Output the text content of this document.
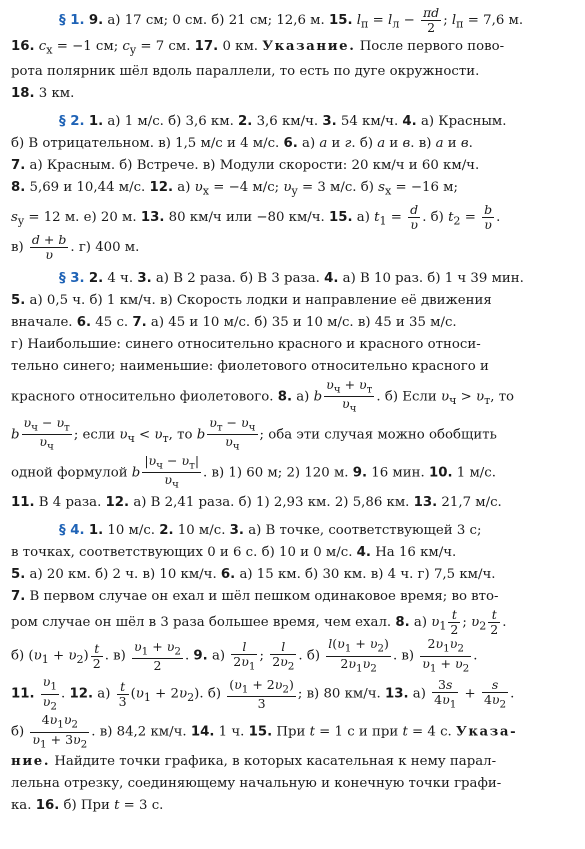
§ 1. 9. а) 17 см; 0 см. б) 21 см; 12,6 м. 15. $l_п = l_л - \frac{\pi d}{2}$ ; $l_п = 7,6$ м.
16. $c_x = -1$ см; $c_y = 7$ см. 17. 0 км. Указание. После первого пово-
рота полярник шёл вдоль параллели, то есть по дуге окружности.
18. 3 км.
§ 2. 1. а) 1 м/с. б) 3,6 км. 2. 3,6 км/ч. 3. 54 км/ч. 4. а) Красным.
б) В отрицательном. в) 1,5 м/с и 4 м/с. 6. а) а и г. б) а и в. в) а и в.
7. а) Красным. б) Встрече. в) Модули скорости: 20 км/ч и 60 км/ч.
8. 5,69 и 10,44 м/с. 12. а) $\upsilon_x = -4$ м/с; $\upsilon_y = 3$ м/с. б) $s_x = -16$ м;
$s_y = 12$ м. е) 20 м. 13. 80 км/ч или −80 км/ч. 15. а) $t_1 = \frac{d}{\upsilon}$ . б) $t_2 = \frac{b}{\upsilon}$ .
$в) \frac{d + b}{\upsilon}$ . г) 400 м.
§ 3. 2. 4 ч. 3. а) В 2 раза. б) В 3 раза. 4. а) В 10 раз. б) 1 ч 39 мин.
5. а) 0,5 ч. б) 1 км/ч. в) Скорость лодки и направление её движения
вначале. 6. 45 с. 7. а) 45 и 10 м/с. б) 35 и 10 м/с. в) 45 и 35 м/с.
г) Наибольшие: синего относительно красного и красного относи-
тельно синего; наименьшие: фиолетового относительно красного и
красного относительно фиолетового. 8. а) b $\frac{\upsilon_ч + \upsilon_т}{\upsilon_ч}$ . б) Если $\upsilon_ч > \upsilon_т$, то
b $\frac{\upsilon_ч - \upsilon_т}{\upsilon_ч}$ ; если $\upsilon_ч < \upsilon_т$, то b $\frac{\upsilon_т - \upsilon_ч}{\upsilon_ч}$ ; оба эти случая можно обобщить
одной формулой b $\frac{|\upsilon_ч - \upsilon_т|}{\upsilon_ч}$ . в) 1) 60 м; 2) 120 м. 9. 16 мин. 10. 1 м/с.
11. В 4 раза. 12. а) В 2,41 раза. б) 1) 2,93 км. 2) 5,86 км. 13. 21,7 м/с.
§ 4. 1. 10 м/с. 2. 10 м/с. 3. а) В точке, соответствующей 3 с;
в точках, соответствующих 0 и 6 с. б) 10 и 0 м/с. 4. На 16 км/ч.
5. а) 20 км. б) 2 ч. в) 10 км/ч. 6. а) 15 км. б) 30 км. в) 4 ч. г) 7,5 км/ч.
7. В первом случае он ехал и шёл пешком одинаковое время; во вто-
ром случае он шёл в 3 раза большее время, чем ехал. 8. а) $\upsilon_1 \frac{t}{2}$ ; $\upsilon_2 \frac{t}{2}$ .
б) $(\upsilon_1 + \upsilon_2) \frac{t}{2}$ . $в) \frac{\upsilon_1 + \upsilon_2}{2}$ . 9. $а) \frac{l}{2\upsilon_1}$ ; $\frac{l}{2\upsilon_2}$ . $б) \frac{l(\upsilon_1 + \upsilon_2)}{2\upsilon_1\upsilon_2}$ . $в) \frac{2\upsilon_1\upsilon_2}{\upsilon_1 + \upsilon_2}$ .
11. $\frac{\upsilon_1}{\upsilon_2}$ . 12. $а) \frac{t}{3} (\upsilon_1 + 2\upsilon_2)$. $б) \frac{(\upsilon_1 + 2\upsilon_2)}{3}$ ; в) 80 км/ч. 13. $а) \frac{3s}{4\upsilon_1} + \frac{s}{4\upsilon_2}$ .
$б) \frac{4\upsilon_1\upsilon_2}{\upsilon_1 + 3\upsilon_2}$ . в) 84,2 км/ч. 14. 1 ч. 15. При t = 1 с и при t = 4 с. Указа-
ние. Найдите точки графика, в которых касательная к нему парал-
лельна отрезку, соединяющему начальную и конечную точки графи-
ка. 16. б) При t = 3 с.
